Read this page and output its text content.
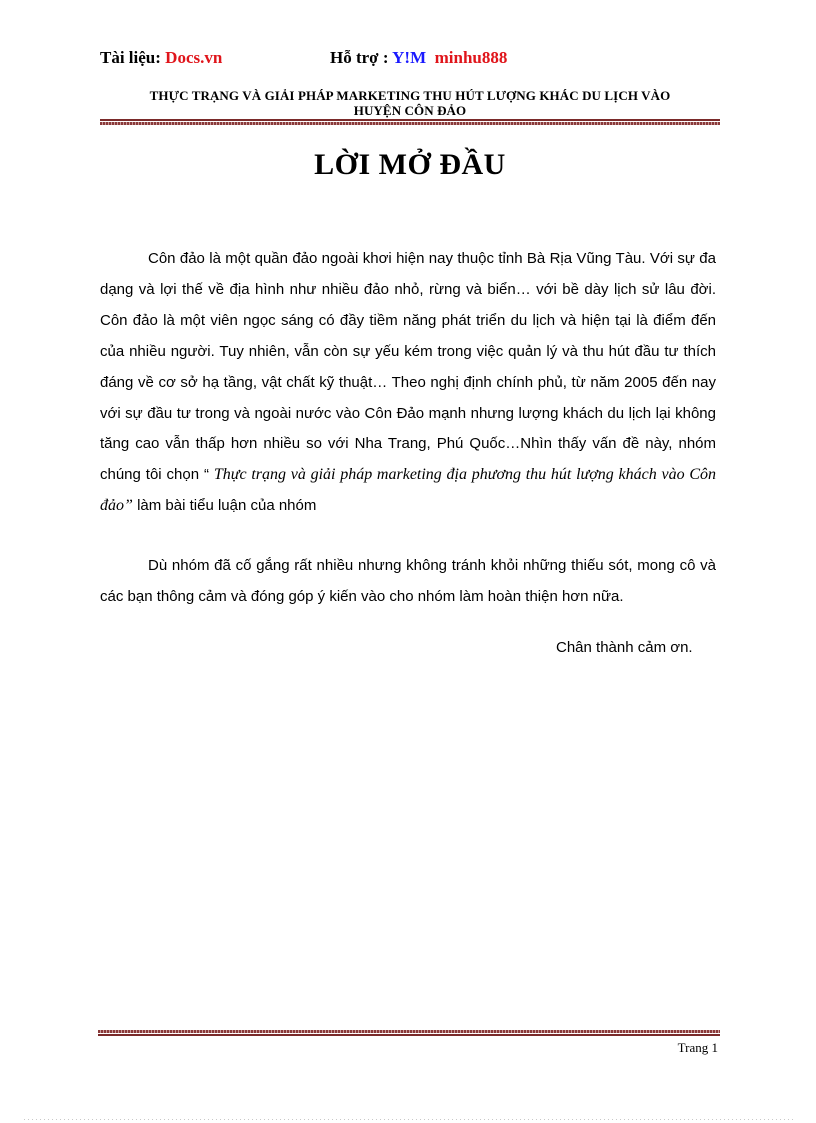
Tài liệu: Docs.vn	Hỗ trợ : Y!M minhu888
THỰC TRẠNG VÀ GIẢI PHÁP MARKETING THU HÚT LƯỢNG KHÁC DU LỊCH VÀO
HUYỆN CÔN ĐẢO
LỜI MỞ ĐẦU

Côn đảo là một quần đảo ngoài khơi hiện nay thuộc tỉnh Bà Rịa Vũng Tàu. Với sự đa dạng và lợi thế về địa hình như nhiều đảo nhỏ, rừng và biển… với bề dày lịch sử lâu đời. Côn đảo là một viên ngọc sáng có đầy tiềm năng phát triển du lịch và hiện tại là điểm đến của nhiều người. Tuy nhiên, vẫn còn sự yếu kém trong việc quản lý và thu hút đầu tư thích đáng về cơ sở hạ tầng, vật chất kỹ thuật… Theo nghị định chính phủ, từ năm 2005 đến nay với sự đầu tư trong và ngoài nước vào Côn Đảo mạnh nhưng lượng khách du lịch lại không tăng cao vẫn thấp hơn nhiều so với Nha Trang, Phú Quốc…Nhìn thấy vấn đề này, nhóm chúng tôi chọn “ Thực trạng và giải pháp marketing địa phương thu hút lượng khách vào Côn đảo” làm bài tiểu luận của nhóm

Dù nhóm đã cố gắng rất nhiều nhưng không tránh khỏi những thiếu sót, mong cô và các bạn thông cảm và đóng góp ý kiến vào cho nhóm làm hoàn thiện hơn nữa.

Chân thành cảm ơn.
Trang 1
